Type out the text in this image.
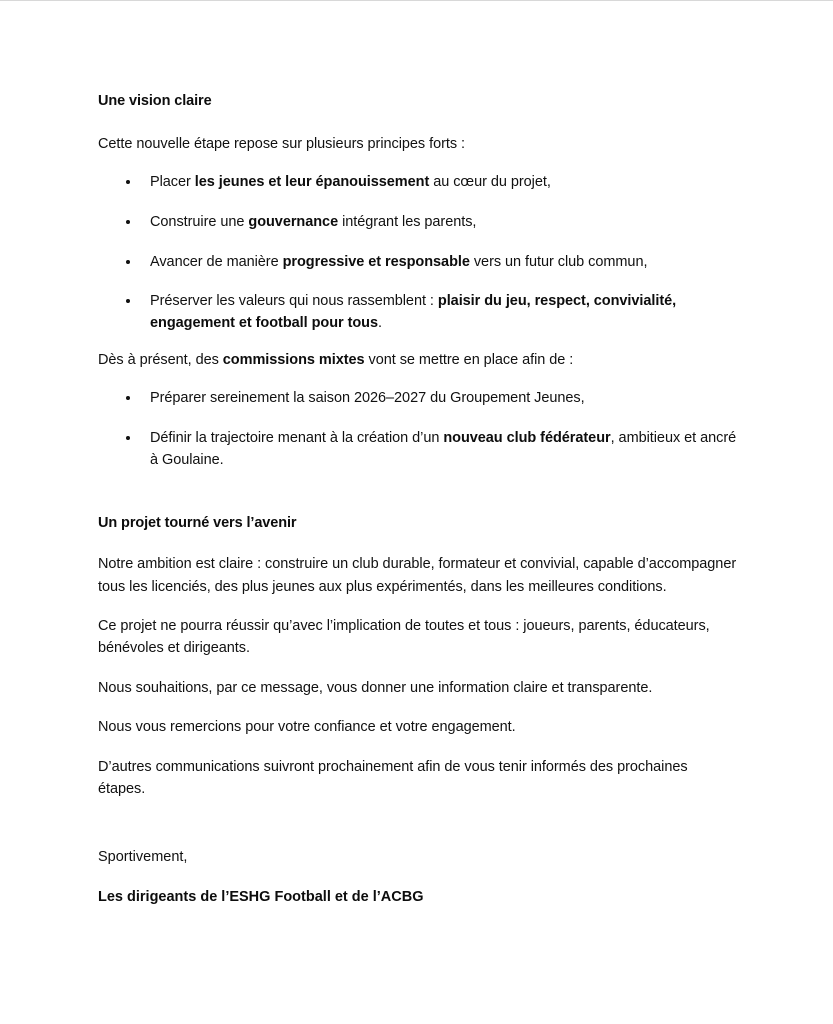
Une vision claire

Cette nouvelle étape repose sur plusieurs principes forts :

Placer les jeunes et leur épanouissement au cœur du projet,
Construire une gouvernance intégrant les parents,
Avancer de manière progressive et responsable vers un futur club commun,
Préserver les valeurs qui nous rassemblent : plaisir du jeu, respect, convivialité, engagement et football pour tous.

Dès à présent, des commissions mixtes vont se mettre en place afin de :

Préparer sereinement la saison 2026–2027 du Groupement Jeunes,
Définir la trajectoire menant à la création d’un nouveau club fédérateur, ambitieux et ancré à Goulaine.
Un projet tourné vers l’avenir

Notre ambition est claire : construire un club durable, formateur et convivial, capable d’accompagner tous les licenciés, des plus jeunes aux plus expérimentés, dans les meilleures conditions.

Ce projet ne pourra réussir qu’avec l’implication de toutes et tous : joueurs, parents, éducateurs, bénévoles et dirigeants.

Nous souhaitions, par ce message, vous donner une information claire et transparente.

Nous vous remercions pour votre confiance et votre engagement.

D’autres communications suivront prochainement afin de vous tenir informés des prochaines étapes.

Sportivement,

Les dirigeants de l’ESHG Football et de l’ACBG
